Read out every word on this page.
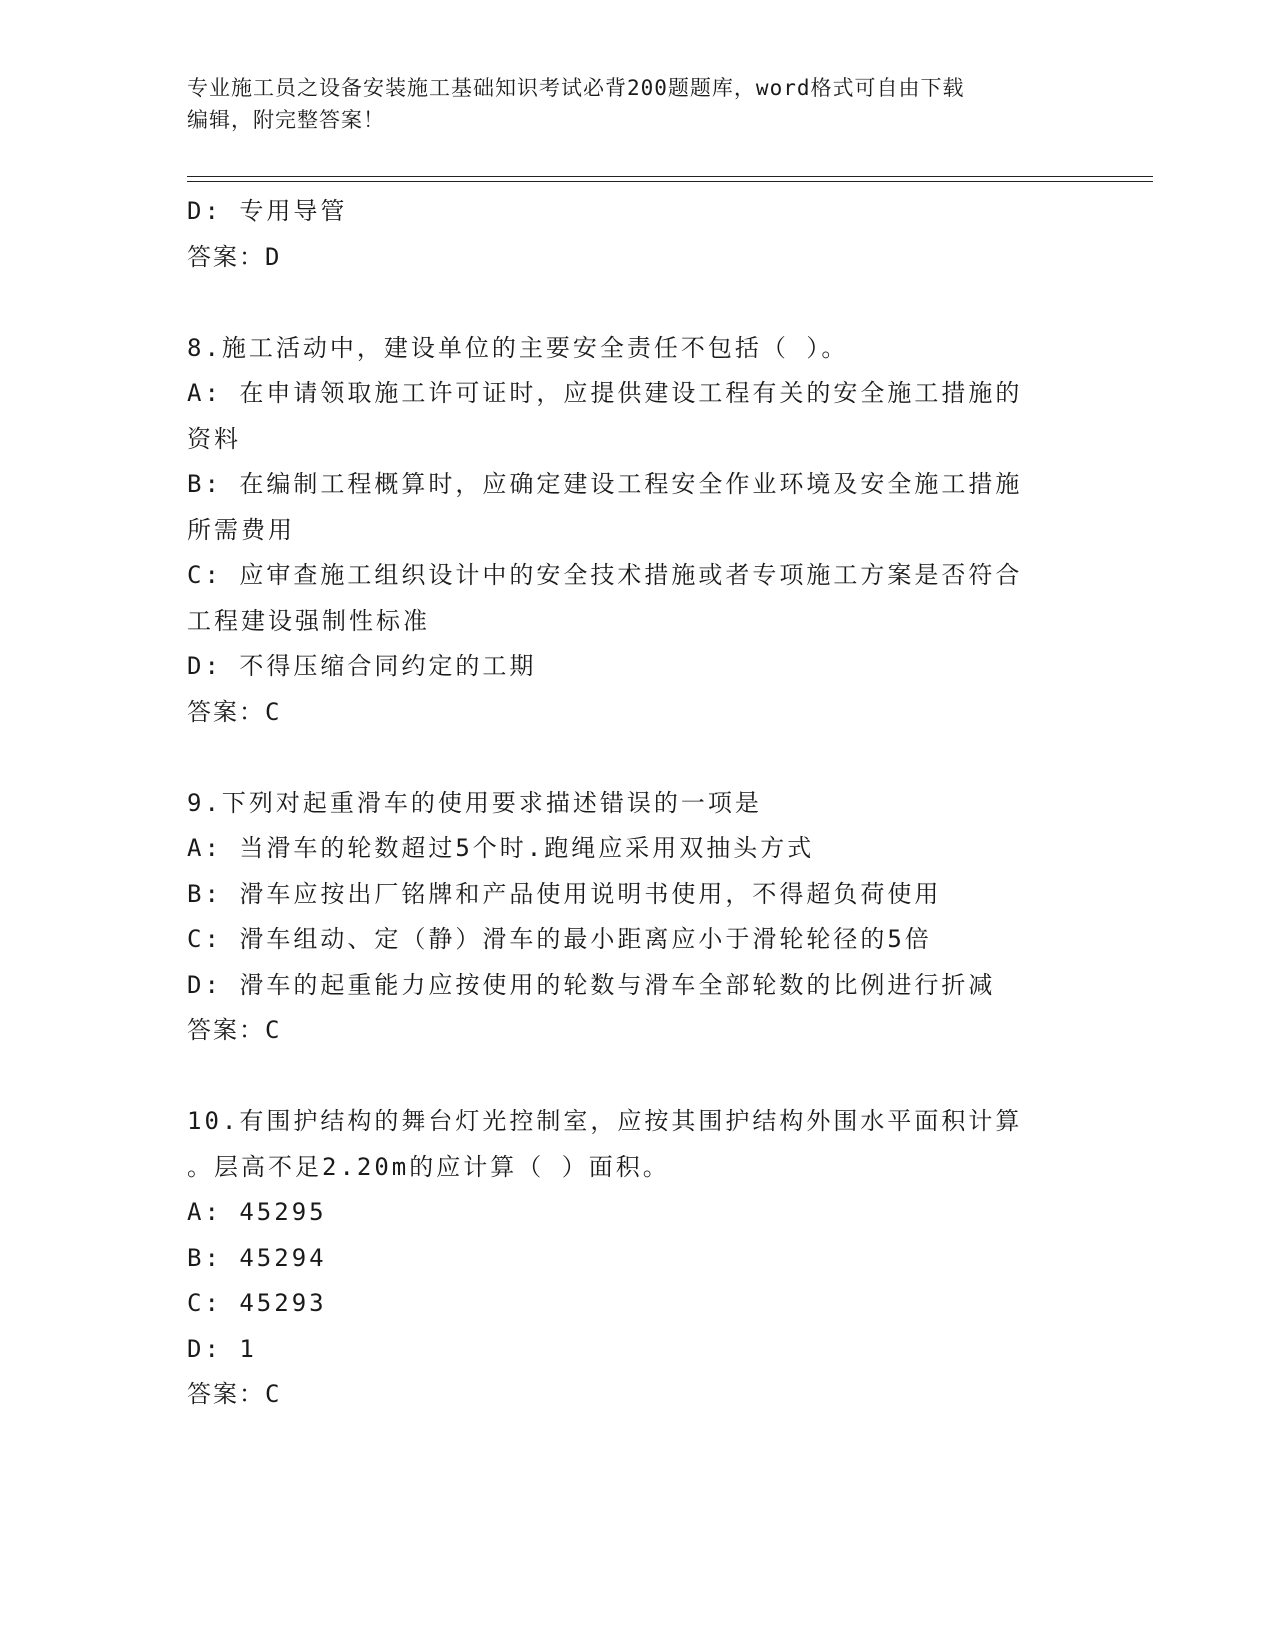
专业施工员之设备安装施工基础知识考试必背200题题库，word格式可自由下载
编辑，附完整答案！
D: 专用导管
答案：D
8.施工活动中，建设单位的主要安全责任不包括（ ）。
A: 在申请领取施工许可证时，应提供建设工程有关的安全施工措施的
资料
B: 在编制工程概算时，应确定建设工程安全作业环境及安全施工措施
所需费用
C: 应审查施工组织设计中的安全技术措施或者专项施工方案是否符合
工程建设强制性标准
D: 不得压缩合同约定的工期
答案：C
9.下列对起重滑车的使用要求描述错误的一项是
A: 当滑车的轮数超过5个时.跑绳应采用双抽头方式
B: 滑车应按出厂铭牌和产品使用说明书使用，不得超负荷使用
C: 滑车组动、定（静）滑车的最小距离应小于滑轮轮径的5倍
D: 滑车的起重能力应按使用的轮数与滑车全部轮数的比例进行折减
答案：C
10.有围护结构的舞台灯光控制室，应按其围护结构外围水平面积计算
。层高不足2.20m的应计算（ ）面积。
A: 45295
B: 45294
C: 45293
D: 1
答案：C
